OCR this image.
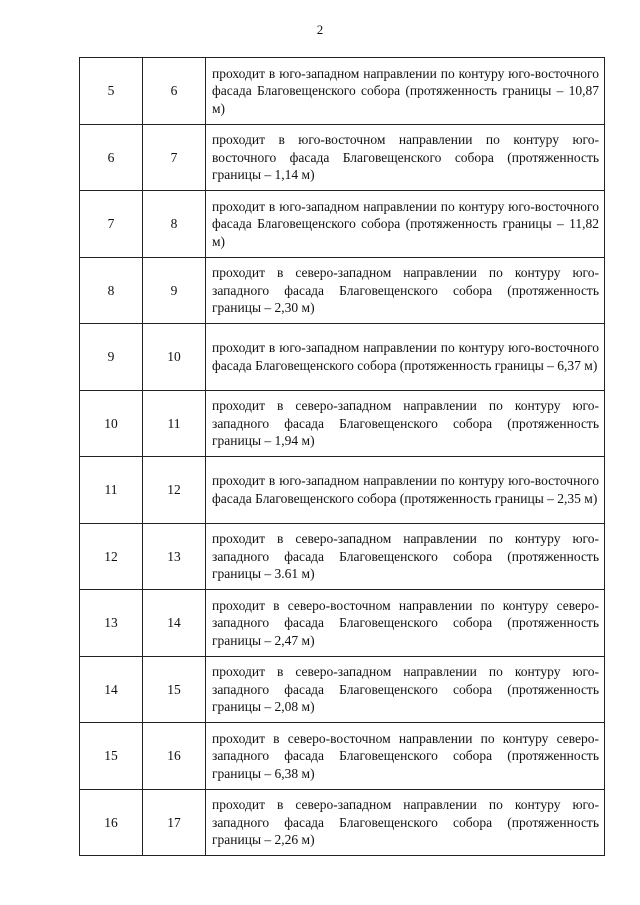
2
5	6	проходит в юго-западном направлении по контуру юго-восточного фасада Благовещенского собора (протяженность границы – 10,87 м)
6	7	проходит в юго-восточном направлении по контуру юго-восточного фасада Благовещенского собора (протяженность границы – 1,14 м)
7	8	проходит в юго-западном направлении по контуру юго-восточного фасада Благовещенского собора (протяженность границы – 11,82 м)
8	9	проходит в северо-западном направлении по контуру юго-западного фасада Благовещенского собора (протяженность границы – 2,30 м)
9	10	проходит в юго-западном направлении по контуру юго-восточного фасада Благовещенского собора (протяженность границы – 6,37 м)
10	11	проходит в северо-западном направлении по контуру юго-западного фасада Благовещенского собора (протяженность границы – 1,94 м)
11	12	проходит в юго-западном направлении по контуру юго-восточного фасада Благовещенского собора (протяженность границы – 2,35 м)
12	13	проходит в северо-западном направлении по контуру юго-западного фасада Благовещенского собора (протяженность границы – 3.61 м)
13	14	проходит в северо-восточном направлении по контуру северо-западного фасада Благовещенского собора (протяженность границы – 2,47 м)
14	15	проходит в северо-западном направлении по контуру юго-западного фасада Благовещенского собора (протяженность границы – 2,08 м)
15	16	проходит в северо-восточном направлении по контуру северо-западного фасада Благовещенского собора (протяженность границы – 6,38 м)
16	17	проходит в северо-западном направлении по контуру юго-западного фасада Благовещенского собора (протяженность границы – 2,26 м)
